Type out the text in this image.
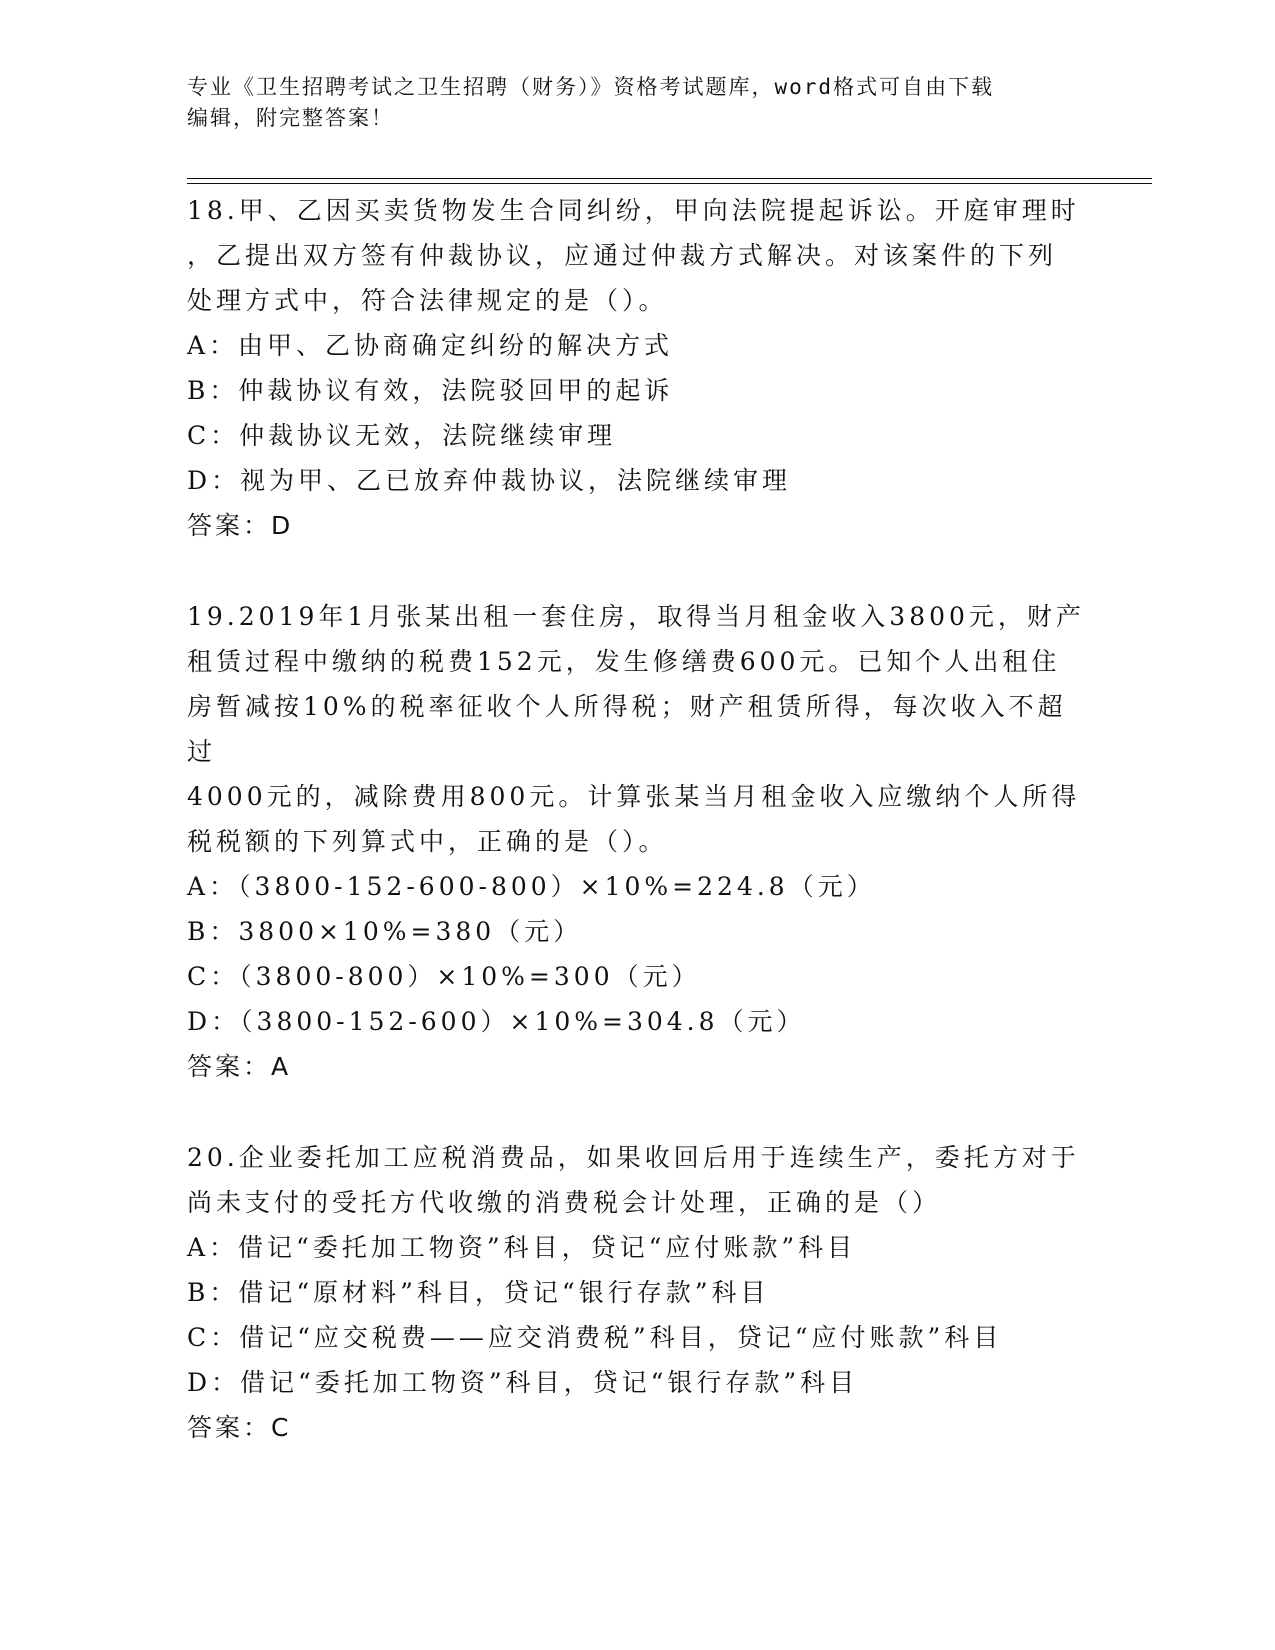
专业《卫生招聘考试之卫生招聘（财务）》资格考试题库，word格式可自由下载
编辑，附完整答案！

18.甲、乙因买卖货物发生合同纠纷，甲向法院提起诉讼。开庭审理时

，乙提出双方签有仲裁协议，应通过仲裁方式解决。对该案件的下列

处理方式中，符合法律规定的是（）。

A：由甲、乙协商确定纠纷的解决方式

B：仲裁协议有效，法院驳回甲的起诉

C：仲裁协议无效，法院继续审理

D：视为甲、乙已放弃仲裁协议，法院继续审理

答案：D

19.2019年1月张某出租一套住房，取得当月租金收入3800元，财产

租赁过程中缴纳的税费152元，发生修缮费600元。已知个人出租住

房暂减按10%的税率征收个人所得税；财产租赁所得，每次收入不超过

4000元的，减除费用800元。计算张某当月租金收入应缴纳个人所得

税税额的下列算式中，正确的是（）。

A：（3800-152-600-800）×10%=224.8（元）

B：3800×10%=380（元）

C：（3800-800）×10%=300（元）

D：（3800-152-600）×10%=304.8（元）

答案：A

20.企业委托加工应税消费品，如果收回后用于连续生产，委托方对于

尚未支付的受托方代收缴的消费税会计处理，正确的是（）

A：借记“委托加工物资”科目，贷记“应付账款”科目

B：借记“原材料”科目，贷记“银行存款”科目

C：借记“应交税费——应交消费税”科目，贷记“应付账款”科目

D：借记“委托加工物资”科目，贷记“银行存款”科目

答案：C
